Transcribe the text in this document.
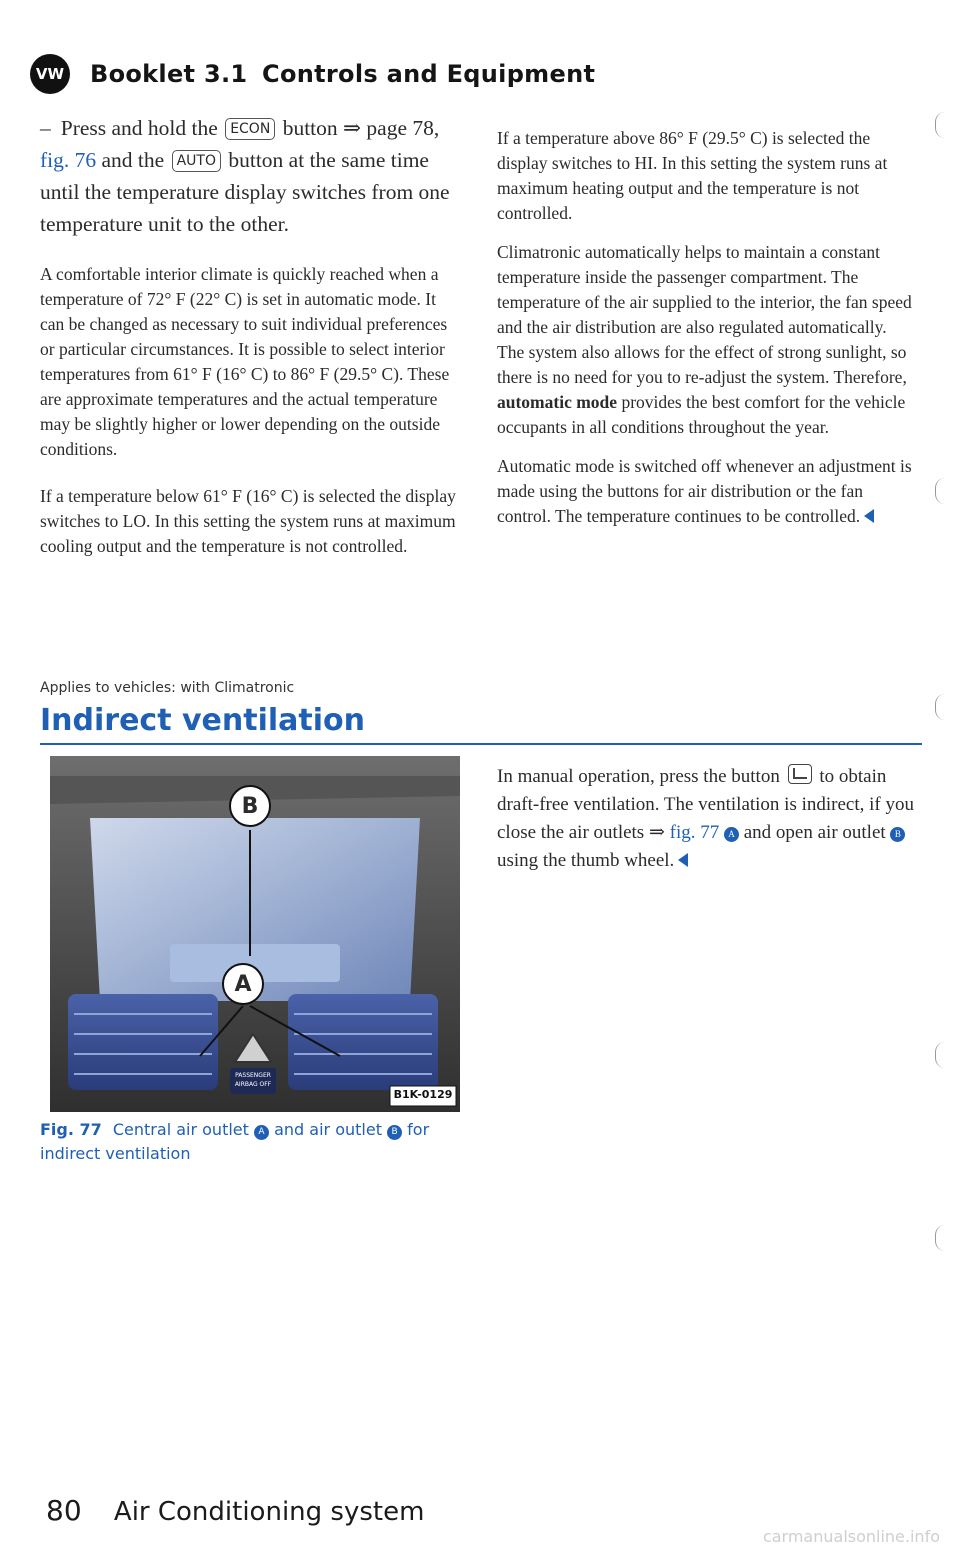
VW Booklet 3.1 Controls and Equipment

– Press and hold the ECON button ⇒ page 78, fig. 76 and the AUTO button at the same time until the temperature display switches from one temperature unit to the other.

A comfortable interior climate is quickly reached when a temperature of 72° F (22° C) is set in automatic mode. It can be changed as necessary to suit individual preferences or particular circumstances. It is possible to select interior temperatures from 61° F (16° C) to 86° F (29.5° C). These are approximate temperatures and the actual temperature may be slightly higher or lower depending on the outside conditions.

If a temperature below 61° F (16° C) is selected the display switches to LO. In this setting the system runs at maximum cooling output and the temperature is not controlled.

If a temperature above 86° F (29.5° C) is selected the display switches to HI. In this setting the system runs at maximum heating output and the temperature is not controlled.

Climatronic automatically helps to maintain a constant temperature inside the passenger compartment. The temperature of the air supplied to the interior, the fan speed and the air distribution are also regulated automatically. The system also allows for the effect of strong sunlight, so there is no need for you to re-adjust the system. Therefore, automatic mode provides the best comfort for the vehicle occupants in all conditions throughout the year.

Automatic mode is switched off whenever an adjustment is made using the buttons for air distribution or the fan control. The temperature continues to be controlled.

Applies to vehicles: with Climatronic
Indirect ventilation
B
A
PASSENGER AIRBAG OFF
B1K-0129
Fig. 77 Central air outlet A and air outlet B for indirect ventilation

In manual operation, press the button to obtain draft-free ventilation. The ventilation is indirect, if you close the air outlets ⇒ fig. 77 A and open air outlet B using the thumb wheel.

80 Air Conditioning system
carmanualsonline.info
